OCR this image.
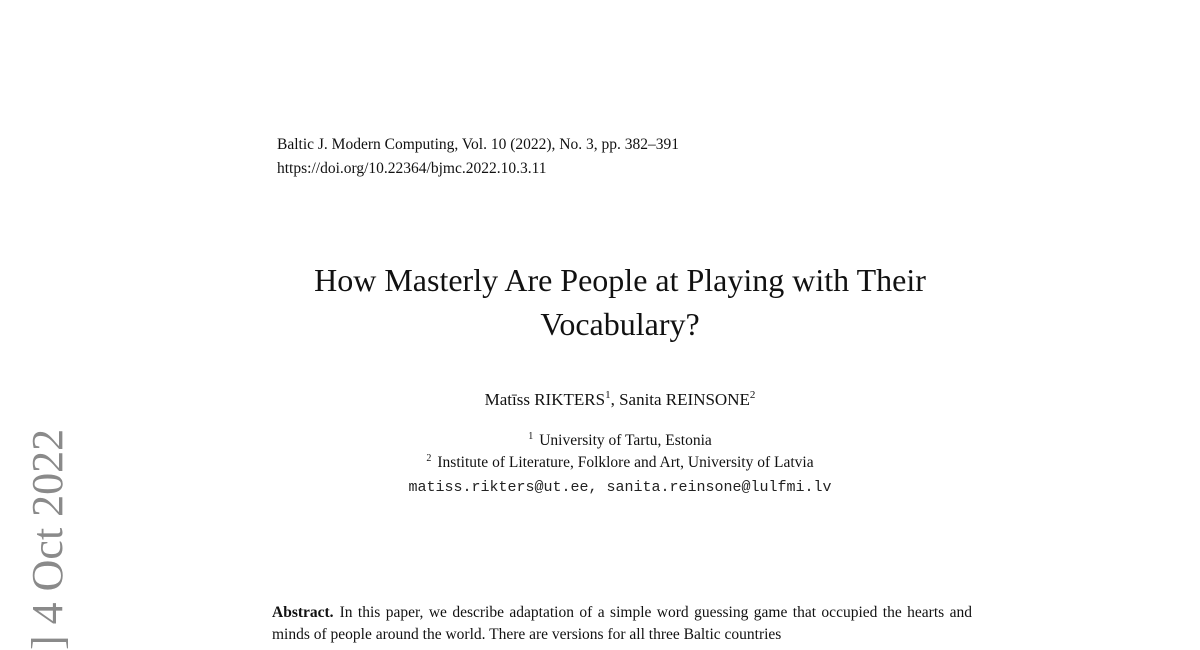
Baltic J. Modern Computing, Vol. 10 (2022), No. 3, pp. 382–391
https://doi.org/10.22364/bjmc.2022.10.3.11
How Masterly Are People at Playing with Their
Vocabulary?
Matīss RIKTERS$^1$, Sanita REINSONE$^2$
$^1$ University of Tartu, Estonia
$^2$ Institute of Literature, Folklore and Art, University of Latvia
matiss.rikters@ut.ee, sanita.reinsone@lulfmi.lv
Abstract. In this paper, we describe adaptation of a simple word guessing game that occupied the hearts and minds of people around the world. There are versions for all three Baltic countries
] 4 Oct 2022
